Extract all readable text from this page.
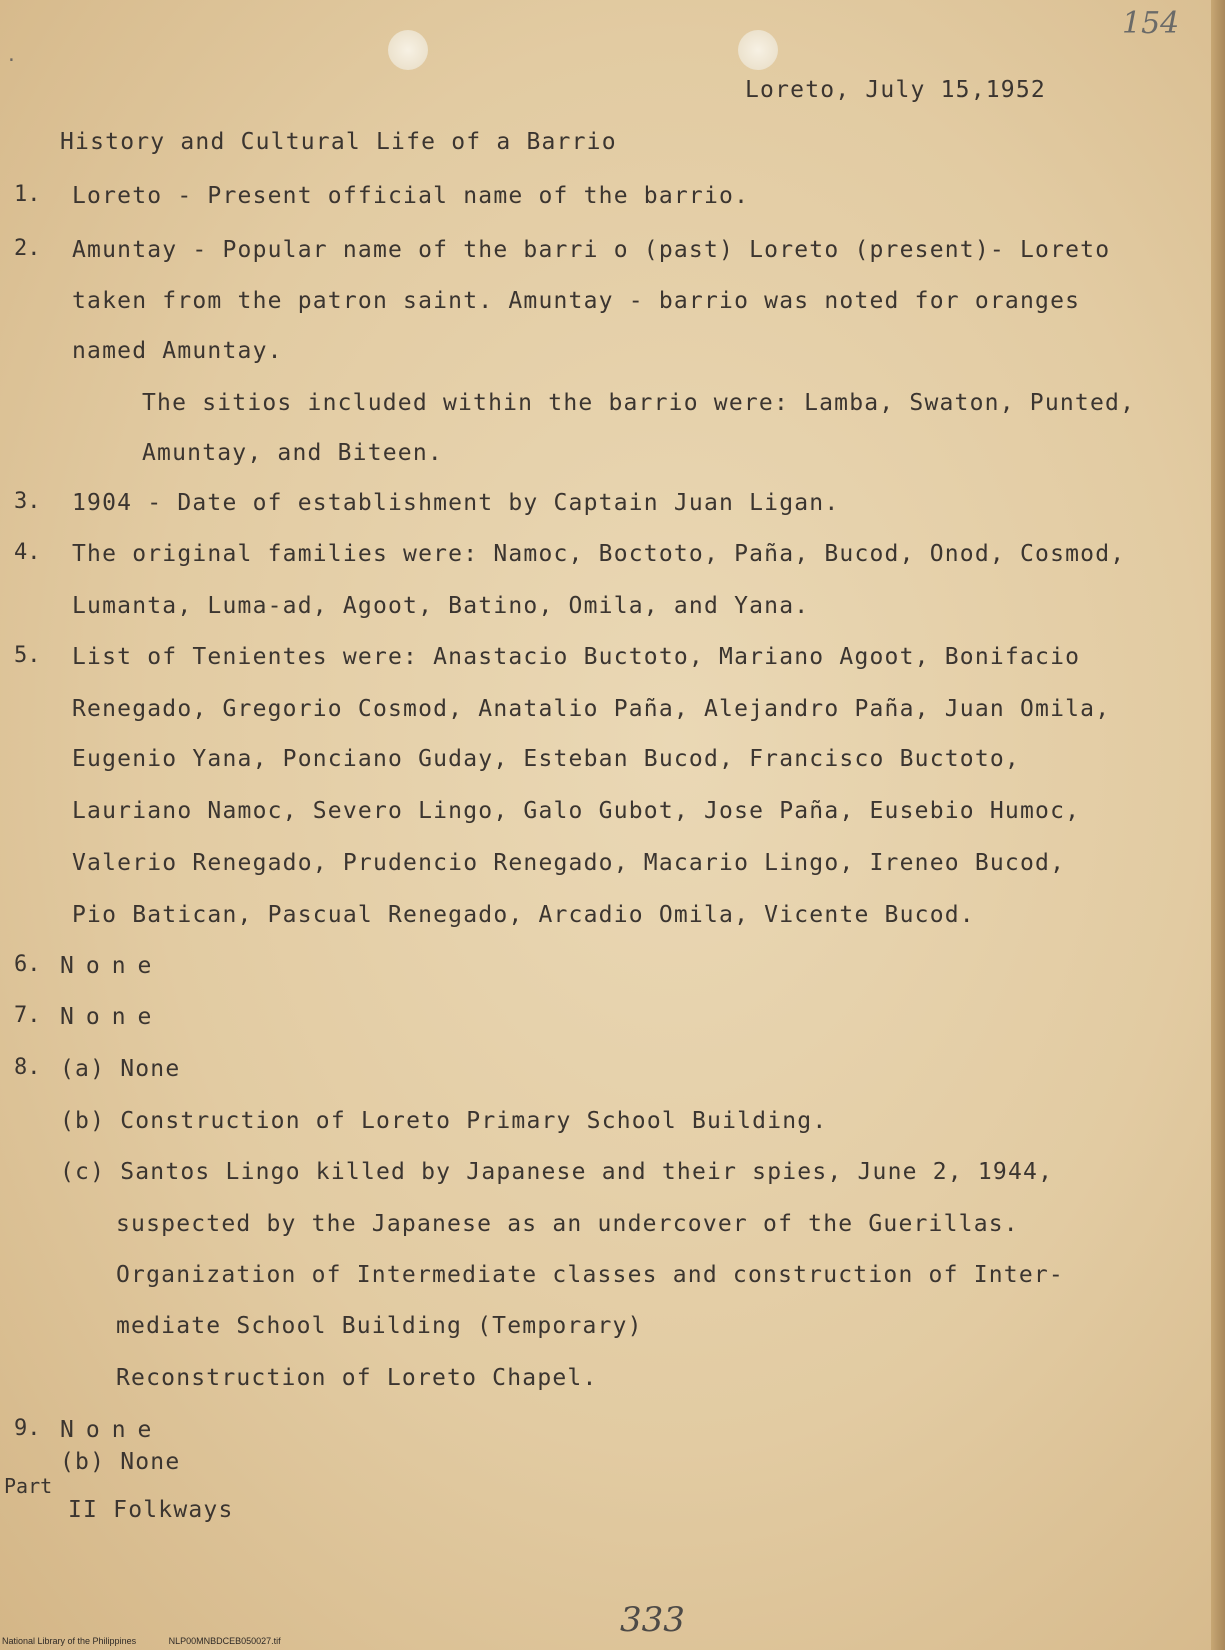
154
·
Loreto, July 15,1952
History and Cultural Life of a Barrio
1. Loreto - Present official name of the barrio.
2. Amuntay - Popular name of the barri o (past) Loreto (present)- Loreto
taken from the patron saint. Amuntay - barrio was noted for oranges
named Amuntay.
The sitios included within the barrio were: Lamba, Swaton, Punted,
Amuntay, and Biteen.
3. 1904 - Date of establishment by Captain Juan Ligan.
4. The original families were: Namoc, Boctoto, Paña, Bucod, Onod, Cosmod,
Lumanta, Luma-ad, Agoot, Batino, Omila, and Yana.
5. List of Tenientes were: Anastacio Buctoto, Mariano Agoot, Bonifacio
Renegado, Gregorio Cosmod, Anatalio Paña, Alejandro Paña, Juan Omila,
Eugenio Yana, Ponciano Guday, Esteban Bucod, Francisco Buctoto,
Lauriano Namoc, Severo Lingo, Galo Gubot, Jose Paña, Eusebio Humoc,
Valerio Renegado, Prudencio Renegado, Macario Lingo, Ireneo Bucod,
Pio Batican, Pascual Renegado, Arcadio Omila, Vicente Bucod.
6. None
7. None
8. (a) None
(b) Construction of Loreto Primary School Building.
(c) Santos Lingo killed by Japanese and their spies, June 2, 1944,
suspected by the Japanese as an undercover of the Guerillas.
Organization of Intermediate classes and construction of Inter-
mediate School Building (Temporary)
Reconstruction of Loreto Chapel.
9. None
(b) None
Part
II Folkways
333
National Library of the Philippines	NLP00MNBDCEB050027.tif
